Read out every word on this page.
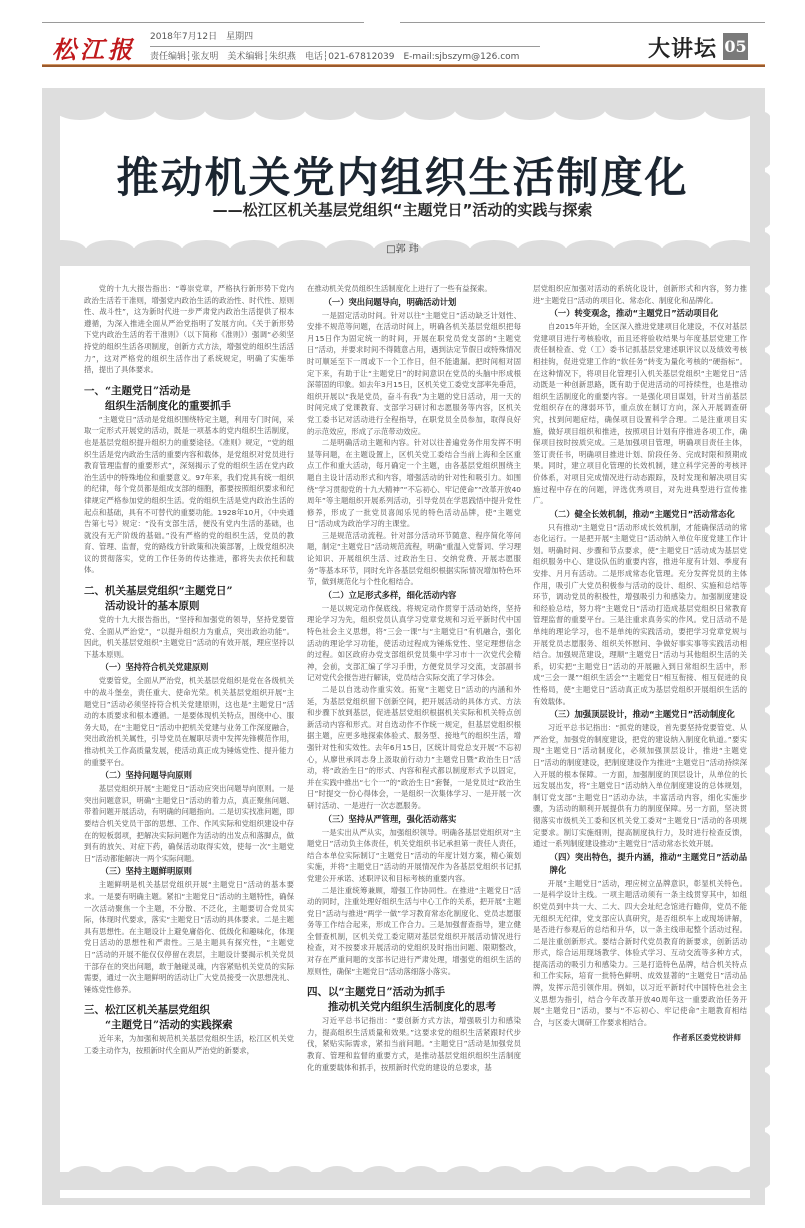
松江报 2018年7月12日　星期四
责任编辑┆张友明　美术编辑┆朱织燕　电话┆021-67812039　E-mail:sjbszym@126.com	大讲坛 05
推动机关党内组织生活制度化
——松江区机关基层党组织“主题党日”活动的实践与探索
□郭 玮

党的十九大报告指出：“尊崇党章，严格执行新形势下党内政治生活若干准则，增强党内政治生活的政治性、时代性、原则性、战斗性”，这为新时代进一步严肃党内政治生活提供了根本遵循，为深入推进全面从严治党指明了发展方向。《关于新形势下党内政治生活的若干准则》（以下简称《准则》）强调“必须坚持党的组织生活各项制度，创新方式方法，增强党的组织生活活力”，这对严格党的组织生活作出了系统规定，明确了实施举措，提出了具体要求。

一、“主题党日”活动是
组织生活制度化的重要抓手

“主题党日”活动是党组织围绕特定主题，利用专门时间，采取一定形式开展党的活动，既是一项基本的党内组织生活制度，也是基层党组织提升组织力的重要途径。《准则》规定，“党的组织生活是党内政治生活的重要内容和载体，是党组织对党员进行教育管理监督的重要形式”，深刻揭示了党的组织生活在党内政治生活中的特殊地位和重要意义。97年来，我们党具有统一组织的纪律，每个党员都是组成支部的细胞，都要按照组织要求和纪律规定严格参加党的组织生活。党的组织生活是党内政治生活的起点和基础，具有不可替代的重要功能。1928年10月，《中央通告第七号》规定：“没有支部生活，便没有党内生活的基础，也就没有无产阶级的基础。”没有严格的党的组织生活，党员的教育、管理、监督，党的路线方针政策和决策部署，上级党组织决议的贯彻落实，党的工作任务的传达推进，都将失去依托和载体。

二、机关基层党组织“主题党日”
活动设计的基本原则

党的十九大报告指出，“坚持和加强党的领导，坚持党要管党、全面从严治党”，“以提升组织力为重点，突出政治功能”。因此，机关基层党组织“主题党日”活动的有效开展，理应坚持以下基本原则。

（一）坚持符合机关党建原则

党要管党，全面从严治党，机关基层党组织是党在各级机关中的战斗堡垒，责任重大、使命光荣。机关基层党组织开展“主题党日”活动必须坚持符合机关党建原则，这也是“主题党日”活动的本质要求和根本遵循。一是要体现机关特点，围绕中心、服务大局，在“主题党日”活动中把机关党建与业务工作深度融合，突出政治机关属性，引导党员在履职尽责中发挥先锋模范作用，推动机关工作高质量发展，使活动真正成为锤炼党性、提升能力的重要平台。

（二）坚持问题导向原则

基层党组织开展“主题党日”活动应突出问题导向原则。一是突出问题意识，明确“主题党日”活动的着力点，真正聚焦问题、带着问题开展活动，有明确的问题指向。二是切实找准问题，即要结合机关党员干部的思想、工作、作风实际和党组织建设中存在的短板弱项，把解决实际问题作为活动的出发点和落脚点，做到有的放矢、对症下药，确保活动取得实效，使每一次“主题党日”活动都能解决一两个实际问题。

（三）坚持主题鲜明原则

主题鲜明是机关基层党组织开展“主题党日”活动的基本要求。一是要有明确主题。紧扣“主题党日”活动的主题特性，确保一次活动聚焦一个主题，不分散、不泛化，主题要切合党员实际，体现时代要求，落实“主题党日”活动的具体要求。二是主题具有思想性。在主题设计上避免庸俗化、低级化和趣味化，体现党日活动的思想性和严肃性。三是主题具有探究性，“主题党日”活动的开展不能仅仅停留在表层，主题设计要揭示机关党员干部存在的突出问题，敢于触碰灵魂，内容紧贴机关党员的实际需要，通过一次主题鲜明的活动让广大党员接受一次思想洗礼、锤炼党性修养。

三、松江区机关基层党组织
“主题党日”活动的实践探索

近年来，为加强和规范机关基层党组织生活，松江区机关党工委主动作为，按照新时代全面从严治党的新要求，

在推动机关党员组织生活制度化上进行了一些有益探索。

（一）突出问题导向，明确活动计划

一是固定活动时间。针对以往“主题党日”活动缺乏计划性、安排不规范等问题，在活动时间上，明确各机关基层党组织把每月15日作为固定统一的时间，开展在职党员党支部的“主题党日”活动，并要求时间不得随意占用，遇到法定节假日或特殊情况时可顺延至下一周或下一个工作日，但不能遗漏。把时间相对固定下来，有助于让“主题党日”的时间意识在党员的头脑中形成根深蒂固的印象。如去年3月15日，区机关党工委党支部率先垂范，组织开展以“我是党员，奋斗有我”为主题的党日活动，用一天的时间完成了党课教育、支部学习研讨和志愿服务等内容，区机关党工委书记对活动进行全程指导，在职党员全员参加，取得良好的示范效应，形成了示范带动效应。

二是明确活动主题和内容。针对以往普遍党务作用发挥不明显等问题，在主题设置上，区机关党工委结合当前上海和全区重点工作和重大活动，每月确定一个主题，由各基层党组织围绕主题自主设计活动形式和内容，增强活动的针对性和吸引力。如围绕“学习贯彻党的十九大精神”“不忘初心、牢记使命”“改革开放40周年”等主题组织开展系列活动，引导党员在学思践悟中提升党性修养，形成了一批党员喜闻乐见的特色活动品牌，使“主题党日”活动成为政治学习的主课堂。

三是规范活动流程。针对部分活动环节随意、程序简化等问题，制定“主题党日”活动规范流程，明确“重温入党誓词、学习理论知识、开展组织生活、过政治生日、交纳党费、开展志愿服务”等基本环节，同时允许各基层党组织根据实际情况增加特色环节，做到规范化与个性化相结合。

（二）立足形式多样，细化活动内容

一是以规定动作保底线。将规定动作贯穿于活动始终，坚持理论学习为先，组织党员认真学习党章党规和习近平新时代中国特色社会主义思想，将“三会一课”与“主题党日”有机融合，强化活动的理论学习功能，使活动过程成为锤炼党性、坚定理想信念的过程。如区政府办党支部组织党员集中学习市十一次党代会精神，会前，支部汇编了学习手册，方便党员学习交流，支部副书记对党代会报告进行解读，党员结合实际交流了学习体会。

二是以自选动作重实效。拓宽“主题党日”活动的内涵和外延，为基层党组织留下创新空间，把开展活动的具体方式、方法和步骤下放到基层，促进基层党组织根据机关实际和机关特点创新活动内容和形式。对自选动作不作统一规定，但基层党组织根据主题，应更多地探索体验式、服务型、接地气的组织生活，增强针对性和实效性。去年6月15日，区统计局党总支开展“不忘初心，从廖世承同志身上汲取前行动力”主题党日暨“政治生日”活动，将“政治生日”的形式、内容和程式都以制度形式予以固定，并在实践中推出“七个一”的“政治生日”套餐，一是党员过“政治生日”时提交一份心得体会，一是组织一次集体学习、一是开展一次研讨活动、一是进行一次志愿服务。

（三）坚持从严管理，强化活动落实

一是实出从严从实，加强组织领导。明确各基层党组织对“主题党日”活动负主体责任，机关党组织书记承担第一责任人责任，结合本单位实际制订“主题党日”活动的年度计划方案，精心策划实施，并将“主题党日”活动的开展情况作为各基层党组织书记抓党建公开承诺、述职评议和目标考核的重要内容。

二是注重统筹兼顾，增强工作协同性。在推进“主题党日”活动的同时，注重处理好组织生活与中心工作的关系，把开展“主题党日”活动与推进“两学一做”学习教育常态化制度化、党员志愿服务等工作结合起来，形成工作合力。三是加强督查指导，建立健全督查机制，区机关党工委定期对基层党组织开展活动情况进行检查，对不按要求开展活动的党组织及时指出问题、限期整改，对存在严重问题的支部书记进行严肃处理，增强党的组织生活的原则性，确保“主题党日”活动落细落小落实。

四、以“主题党日”活动为抓手
推动机关党内组织生活制度化的思考

习近平总书记指出：“要创新方式方法，增强吸引力和感染力，提高组织生活质量和效果。”这要求党的组织生活紧跟时代步伐，紧贴实际需求，紧扣当前问题。“主题党日”活动是加强党员教育、管理和监督的重要方式，是推动基层党组织组织生活制度化的重要载体和抓手，按照新时代党的建设的总要求，基

层党组织应加强对活动的系统化设计，创新形式和内容，努力推进“主题党日”活动的项目化、常态化、制度化和品牌化。

（一）转变观念，推动“主题党日”活动项目化

自2015年开始，全区深入推进党建项目化建设，不仅对基层党建项目进行考核验收，而且还将验收结果与年度基层党建工作责任制检查、党（工）委书记抓基层党建述职评议以及绩效考核相挂钩，促进党建工作的“软任务”转变为量化考核的“硬指标”。在这种情况下，将项目化管理引入机关基层党组织“主题党日”活动既是一种创新思路，既有助于促进活动的可持续性，也是推动组织生活制度化的重要内容。一是强化项目谋划，针对当前基层党组织存在的薄弱环节，重点放在制订方向，深入开展调查研究，找到问题症结，确保项目设置科学合理。二是注重项目实施，做好项目组织和推进，按照项目计划有序推进各项工作，确保项目按时按质完成。三是加强项目管理，明确项目责任主体，签订责任书，明确项目推进计划、阶段任务、完成时限和预期成果。同时，建立项目化管理的长效机制，建立科学完善的考核评价体系，对项目完成情况进行动态跟踪，及时发现和解决项目实施过程中存在的问题，评选优秀项目，对先进典型进行宣传推广。

（二）健全长效机制，推动“主题党日”活动常态化

只有推动“主题党日”活动形成长效机制，才能确保活动的常态化运行。一是把开展“主题党日”活动纳入单位年度党建工作计划。明确时间、步骤和节点要求，使“主题党日”活动成为基层党组织服务中心、建设队伍的重要内容，推进年度有计划、季度有安排、月月有活动。二是形成常态化管理。充分发挥党员的主体作用，吸引广大党员积极参与活动的设计、组织、实施和总结等环节，调动党员的积极性，增强吸引力和感染力。加强制度建设和经验总结，努力将“主题党日”活动打造成基层党组织日常教育管理监督的重要平台。三是注重求真务实的作风。党日活动不是单纯的理论学习，也不是单纯的实践活动，要把学习党章党规与开展党员志愿服务、组织关怀慰问、争做好事实事等实践活动相结合。加强规范建设，理顺“主题党日”活动与其他组织生活的关系，切实把“主题党日”活动的开展融入到日常组织生活中，形成“三会一课”“组织生活会”“主题党日”相互衔接、相互促进的良性格局，使“主题党日”活动真正成为基层党组织开展组织生活的有效载体。

（三）加强顶层设计，推动“主题党日”活动制度化

习近平总书记指出：“抓党的建设，首先要坚持党要管党、从严治党，加强党的制度建设，把党的建设纳入制度化轨道。”要实现“主题党日”活动制度化，必须加强顶层设计，推进“主题党日”活动的制度建设，把制度建设作为推进“主题党日”活动持续深入开展的根本保障。一方面，加强制度的顶层设计，从单位的长远发展出发，将“主题党日”活动纳入单位制度建设的总体规划，制订党支部“主题党日”活动办法，丰富活动内容，细化实施步骤，为活动的顺利开展提供有力的制度保障。另一方面，坚决贯彻落实市级机关工委和区机关党工委对“主题党日”活动的各项规定要求。制订实施细则，提高制度执行力，及时进行检查反馈，通过一系列制度建设推动“主题党日”活动常态长效开展。

（四）突出特色，提升内涵，推动“主题党日”活动品牌化

开展“主题党日”活动，理应树立品牌意识，彰显机关特色。一是科学设计主线。一项主题活动须有一条主线贯穿其中，如组织党员到中共一大、二大、四大会址纪念馆进行瞻仰，党员不能无组织无纪律，党支部应认真研究，是否组织车上或现场讲解，是否进行参观后的总结和升华，以一条主线串起整个活动过程。二是注重创新形式。要结合新时代党员教育的新要求，创新活动形式，综合运用现场教学、体验式学习、互动交流等多种方式，提高活动的吸引力和感染力。三是打造特色品牌，结合机关特点和工作实际，培育一批特色鲜明、成效显著的“主题党日”活动品牌，发挥示范引领作用。例如，以习近平新时代中国特色社会主义思想为指引，结合今年改革开放40周年这一重要政治任务开展“主题党日”活动，要与“不忘初心、牢记使命”主题教育相结合，与区委大调研工作要求相结合。

作者系区委党校讲师
